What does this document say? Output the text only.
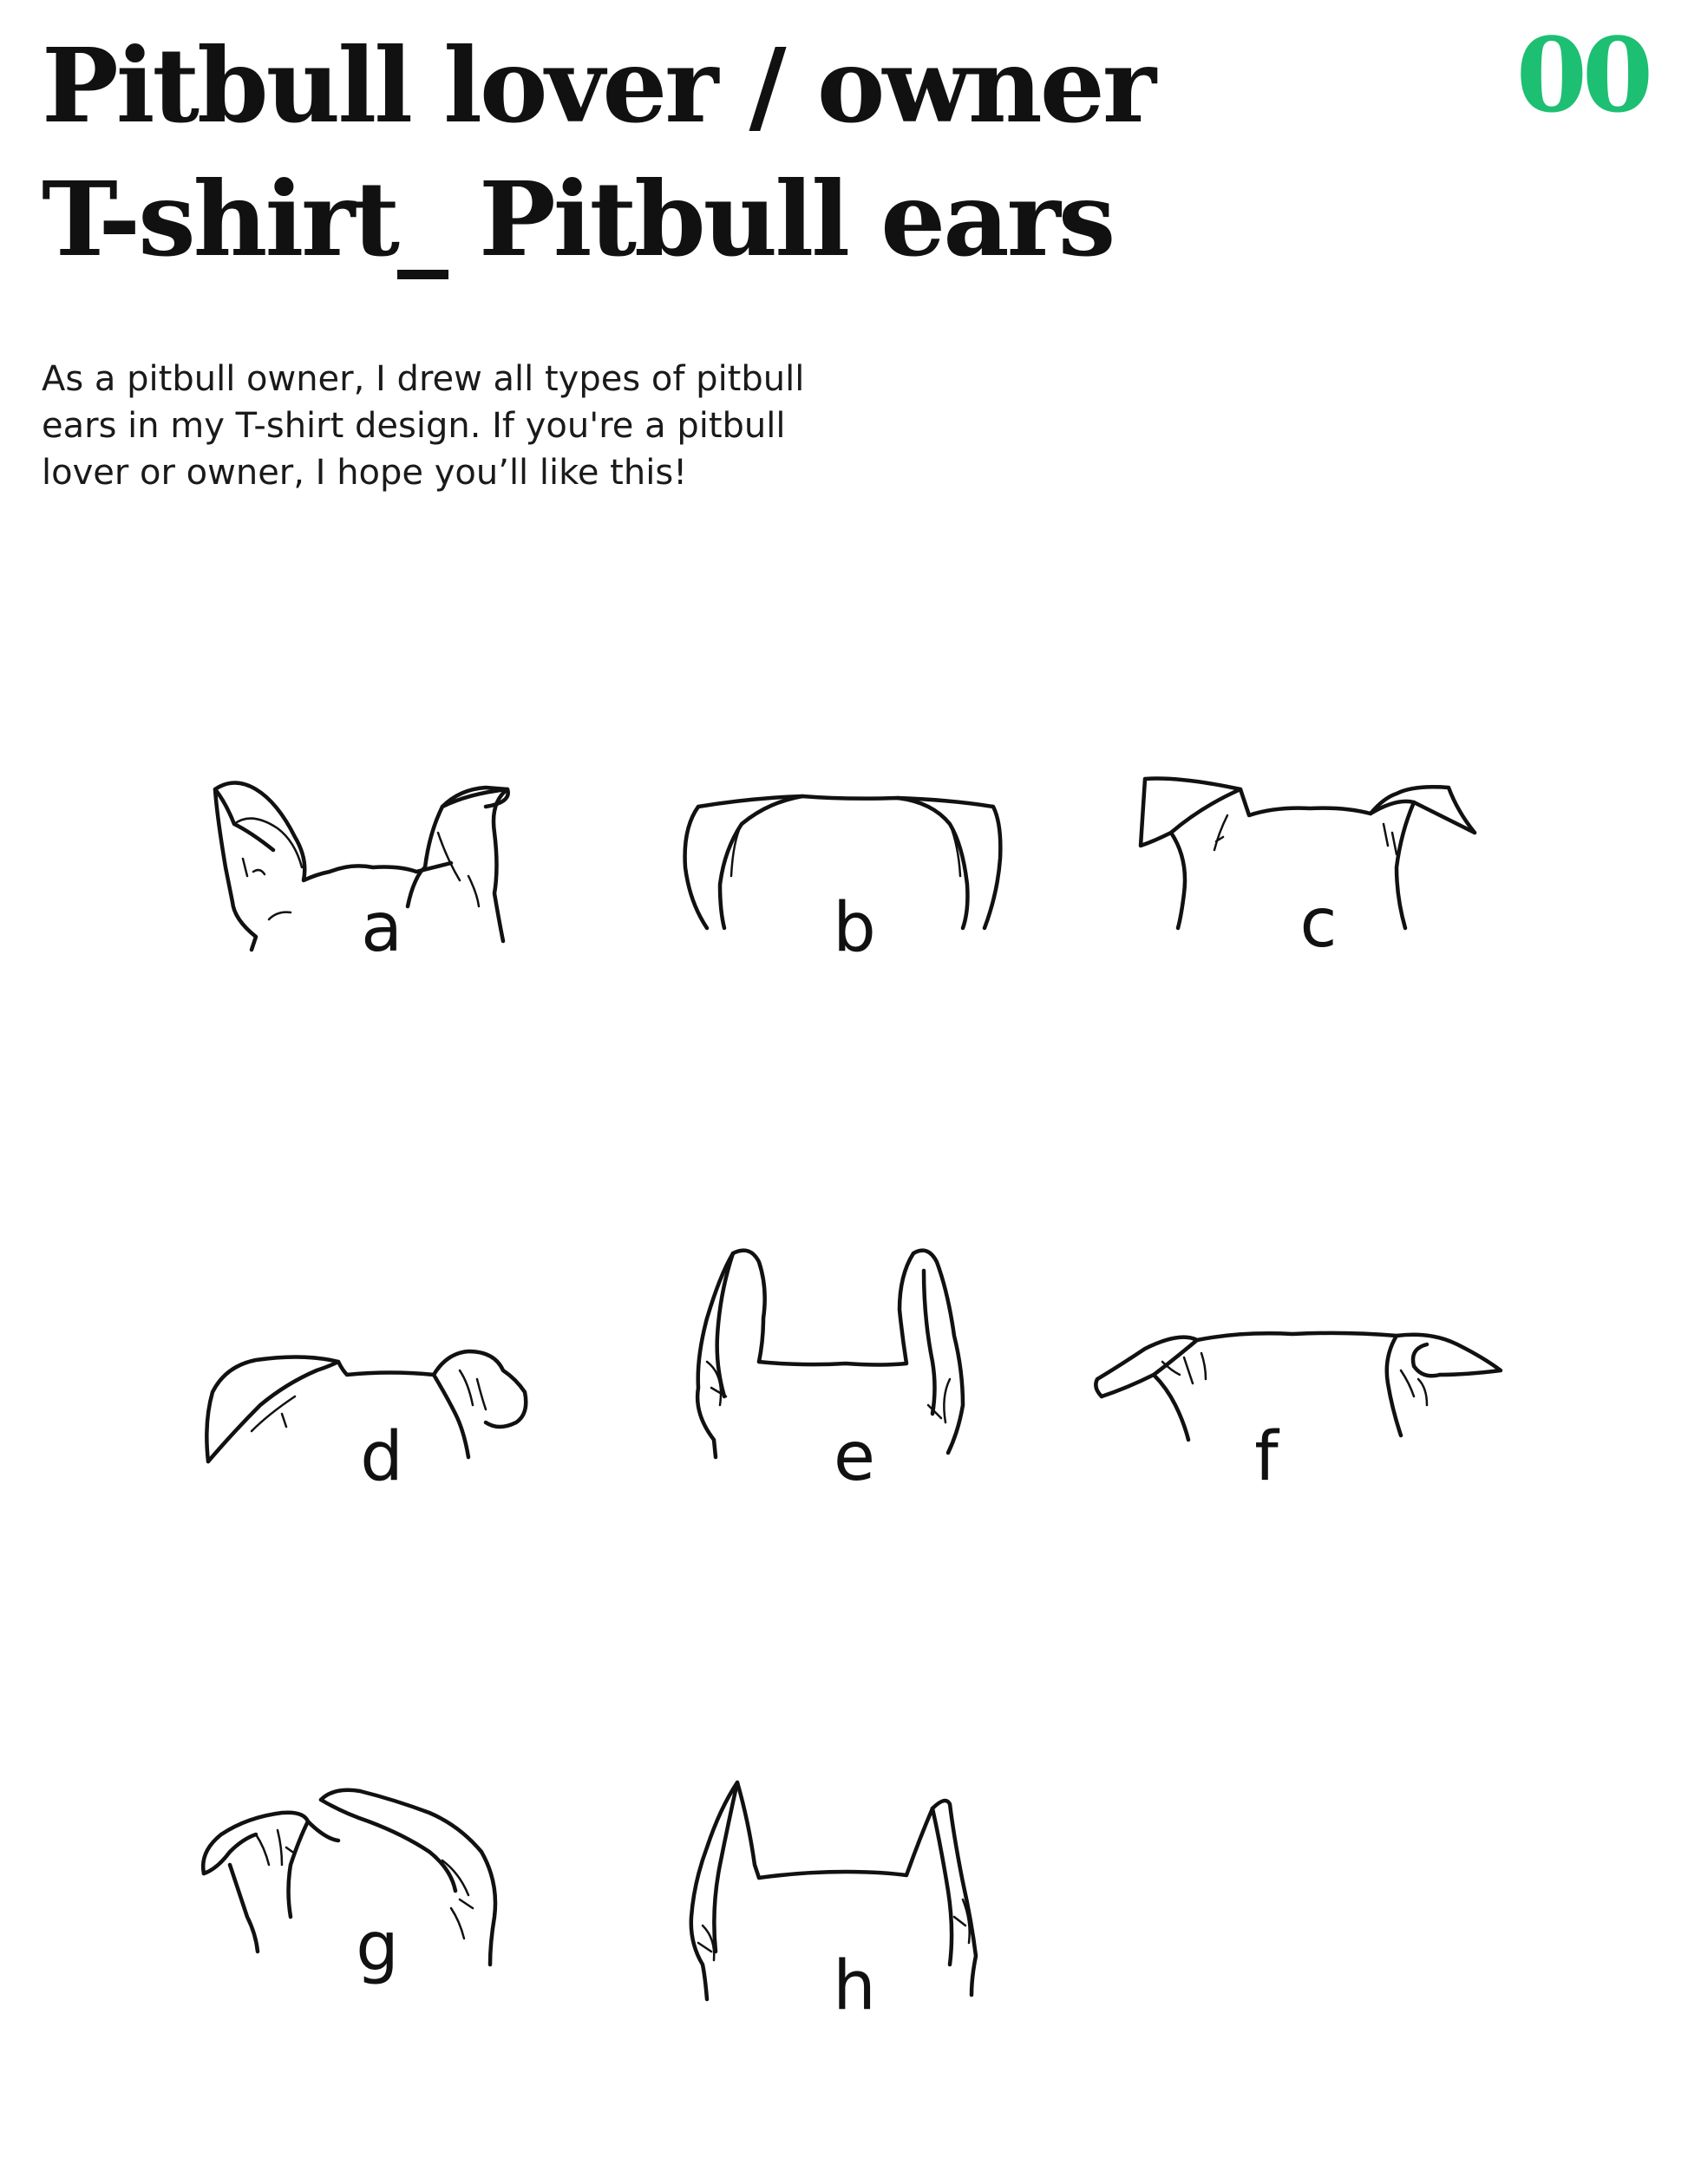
Pitbull lover / owner
T-shirt_ Pitbull ears
00
As a pitbull owner, I drew all types of pitbull
ears in my T-shirt design. If you're a pitbull
lover or owner, I hope you’ll like this!
a	b	c
d	e	f
g	h
